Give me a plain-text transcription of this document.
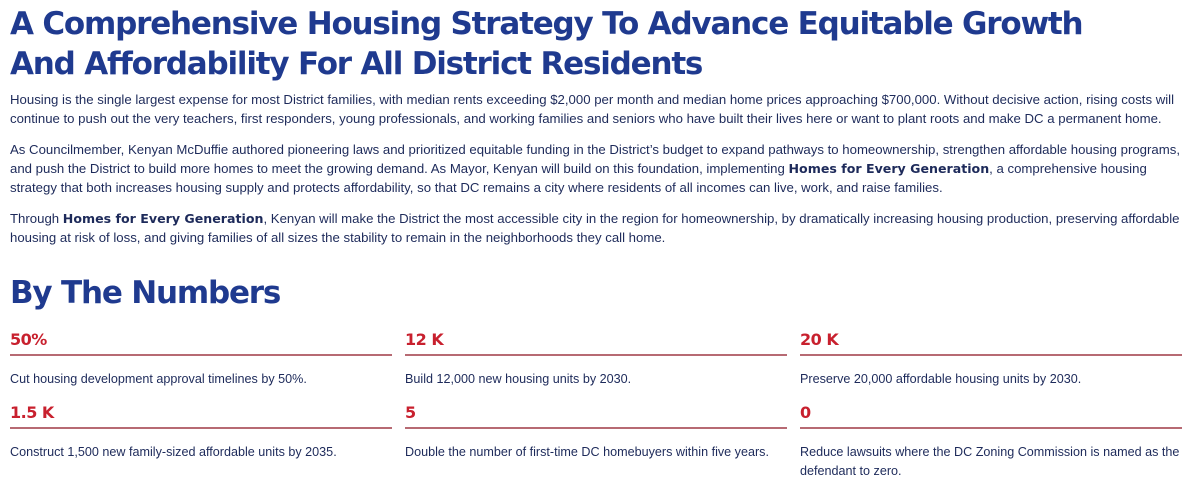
A Comprehensive Housing Strategy To Advance Equitable Growth And Affordability For All District Residents

Housing is the single largest expense for most District families, with median rents exceeding $2,000 per month and median home prices approaching $700,000. Without decisive action, rising costs will continue to push out the very teachers, first responders, young professionals, and working families and seniors who have built their lives here or want to plant roots and make DC a permanent home.

As Councilmember, Kenyan McDuffie authored pioneering laws and prioritized equitable funding in the District’s budget to expand pathways to homeownership, strengthen affordable housing programs, and push the District to build more homes to meet the growing demand. As Mayor, Kenyan will build on this foundation, implementing Homes for Every Generation, a comprehensive housing strategy that both increases housing supply and protects affordability, so that DC remains a city where residents of all incomes can live, work, and raise families.

Through Homes for Every Generation, Kenyan will make the District the most accessible city in the region for homeownership, by dramatically increasing housing production, preserving affordable housing at risk of loss, and giving families of all sizes the stability to remain in the neighborhoods they call home.

By The Numbers
50%
Cut housing development approval timelines by 50%.
12 K
Build 12,000 new housing units by 2030.
20 K
Preserve 20,000 affordable housing units by 2030.
1.5 K
Construct 1,500 new family-sized affordable units by 2035.
5
Double the number of first-time DC homebuyers within five years.
0
Reduce lawsuits where the DC Zoning Commission is named as the defendant to zero.
